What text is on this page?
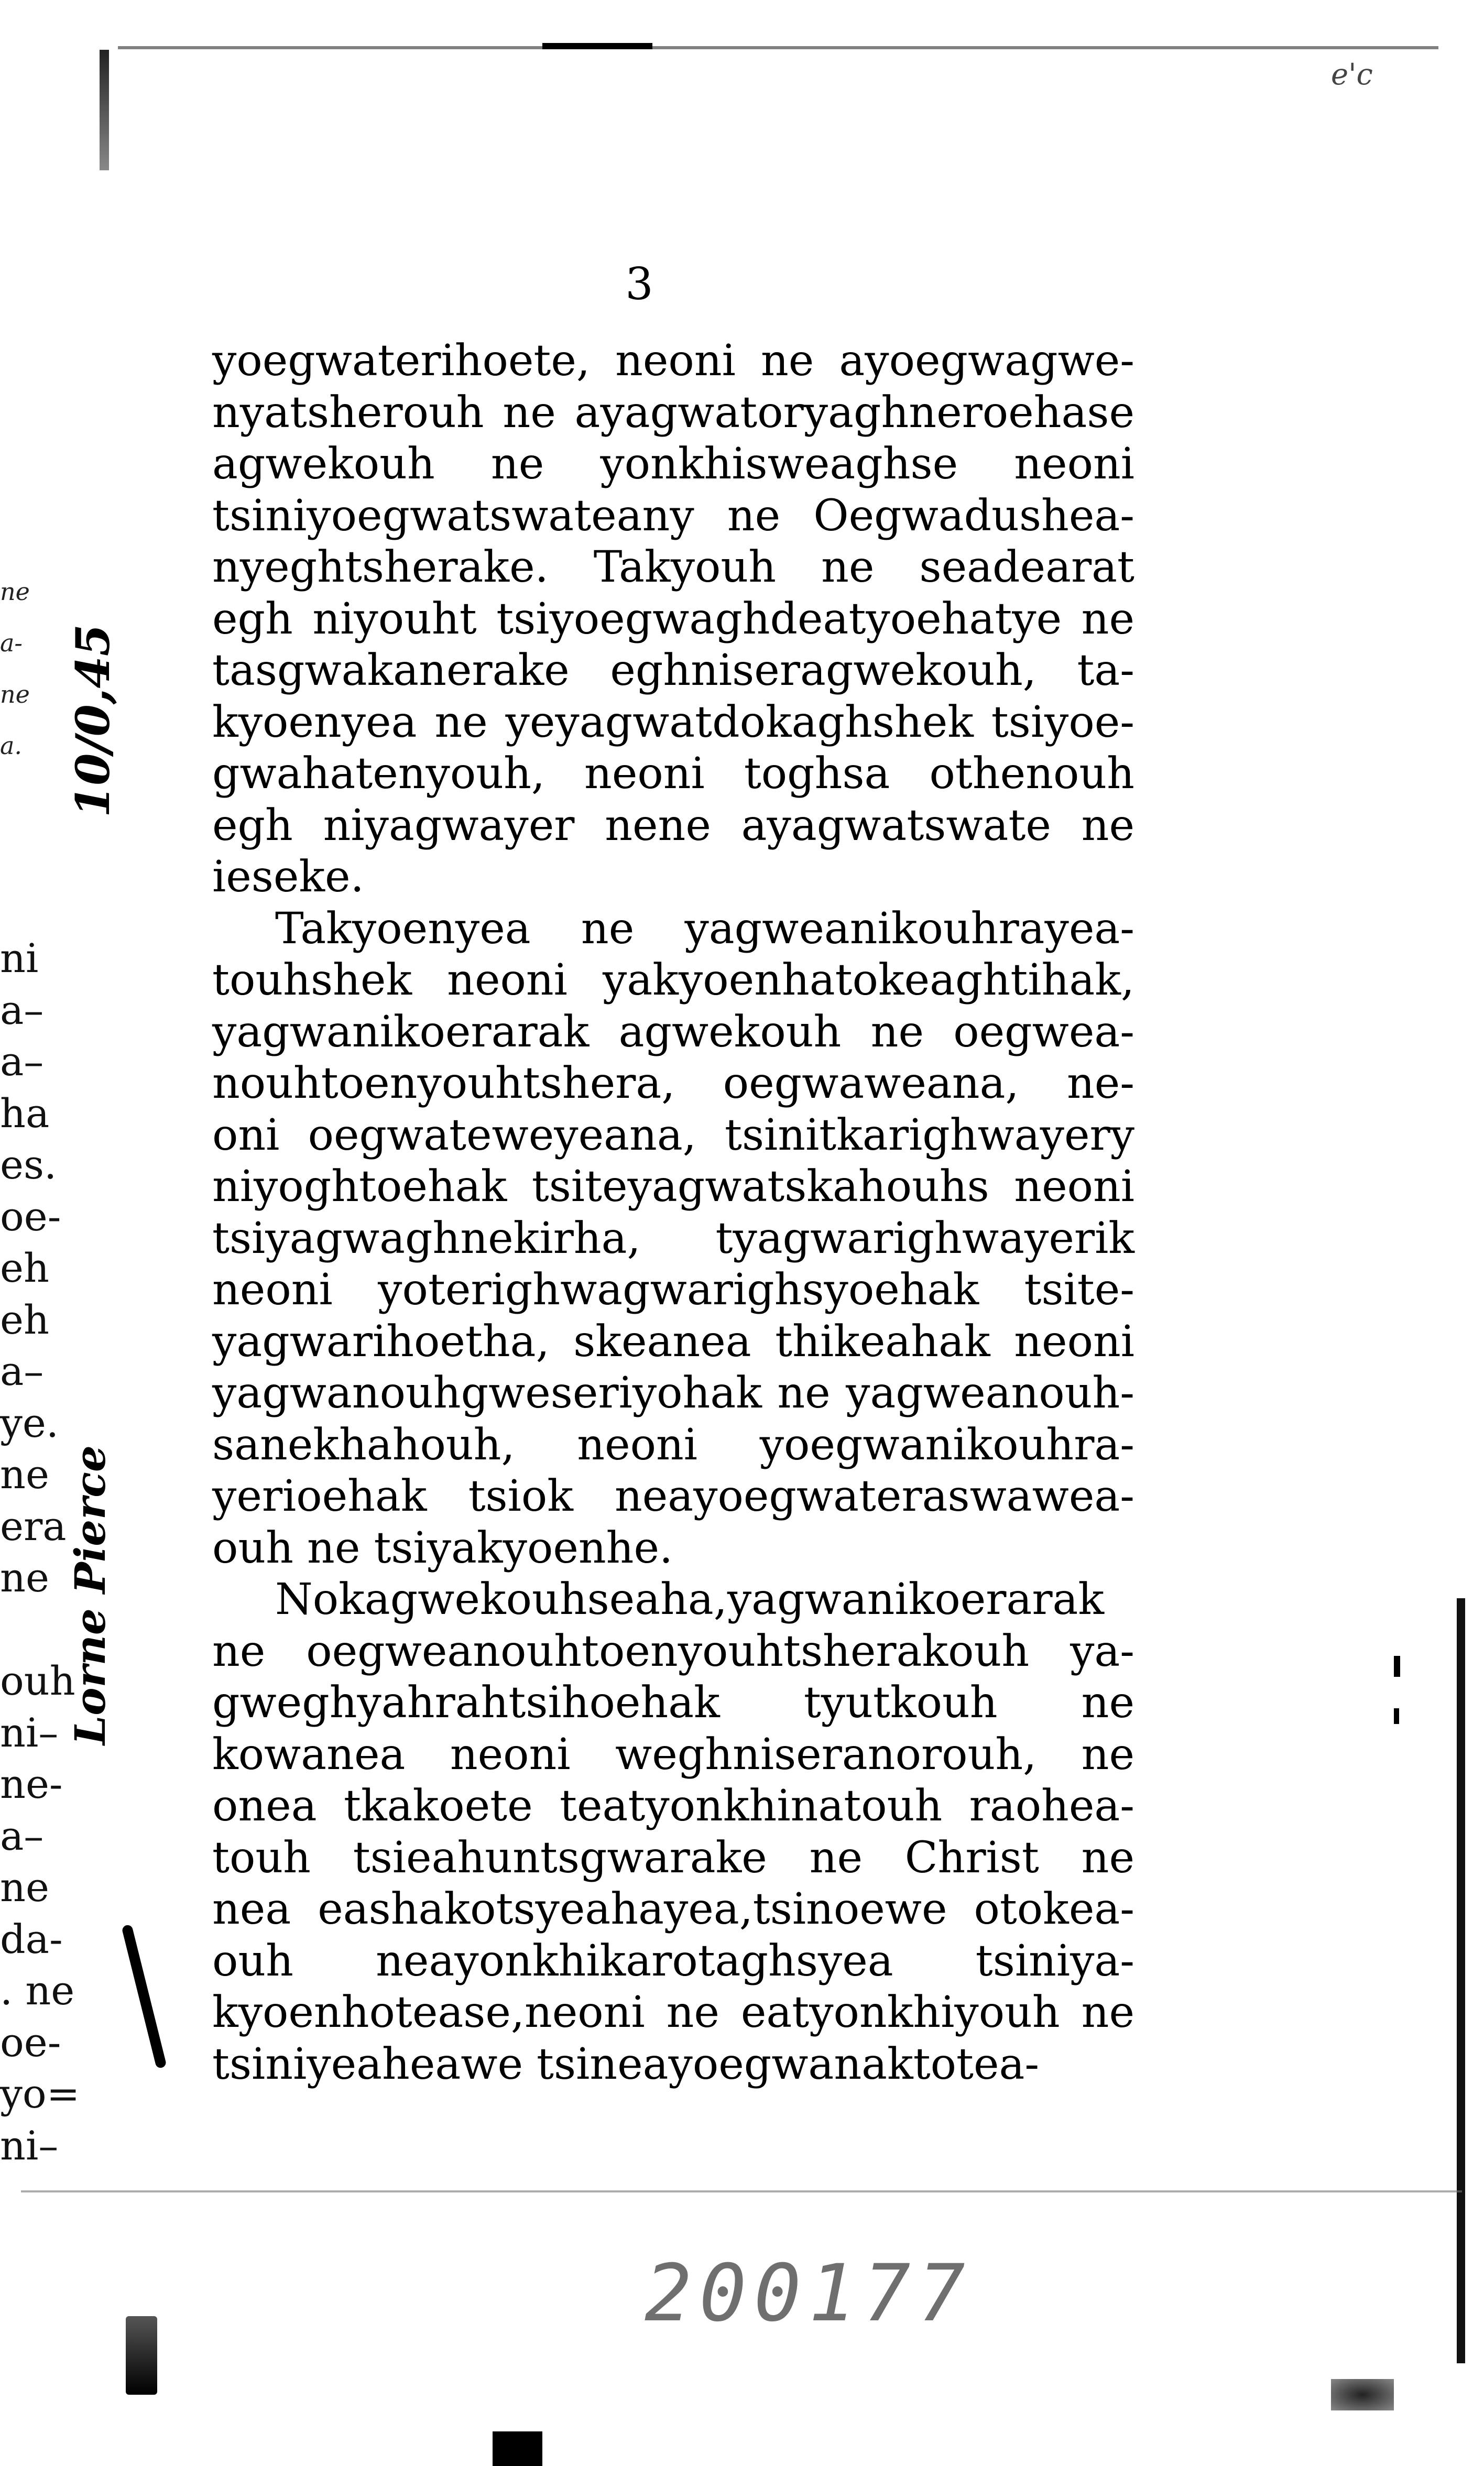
e'c
3
ne
a-
ne
a.
ni
a–
a–
ha
es.
oe-
eh
eh
a–
ye.
ne
era
ne

ouh
ni–
ne-
a–
ne
da-
. ne
oe-
yo=
ni–
10/0,45
Lorne Pierce

yoegwaterihoete, neoni ne ayoegwagwe-
nyatsherouh ne ayagwatoryaghneroehase
agwekouh ne yonkhisweaghse neoni
tsiniyoegwatswateany ne Oegwadushea-
nyeghtsherake. Takyouh ne seadearat
egh niyouht tsiyoegwaghdeatyoehatye ne
tasgwakanerake eghniseragwekouh, ta-
kyoenyea ne yeyagwatdokaghshek tsiyoe-
gwahatenyouh, neoni toghsa othenouh
egh niyagwayer nene ayagwatswate ne
ieseke.

Takyoenyea ne yagweanikouhrayea-
touhshek neoni yakyoenhatokeaghtihak,
yagwanikoerarak agwekouh ne oegwea-
nouhtoenyouhtshera, oegwaweana, ne-
oni oegwateweyeana, tsinitkarighwayery
niyoghtoehak tsiteyagwatskahouhs neoni
tsiyagwaghnekirha, tyagwarighwayerik
neoni yoterighwagwarighsyoehak tsite-
yagwarihoetha, skeanea thikeahak neoni
yagwanouhgweseriyohak ne yagweanouh-
sanekhahouh, neoni yoegwanikouhra-
yerioehak tsiok neayoegwateraswawea-
ouh ne tsiyakyoenhe.

Nokagwekouhseaha,yagwanikoerarak
ne oegweanouhtoenyouhtsherakouh ya-
gweghyahrahtsihoehak tyutkouh ne
kowanea neoni weghniseranorouh, ne
onea tkakoete teatyonkhinatouh raohea-
touh tsieahuntsgwarake ne Christ ne
nea eashakotsyeahayea,tsinoewe otokea-
ouh neayonkhikarotaghsyea tsiniya-
kyoenhotease,neoni ne eatyonkhiyouh ne
tsiniyeaheawe tsineayoegwanaktotea-

200177
